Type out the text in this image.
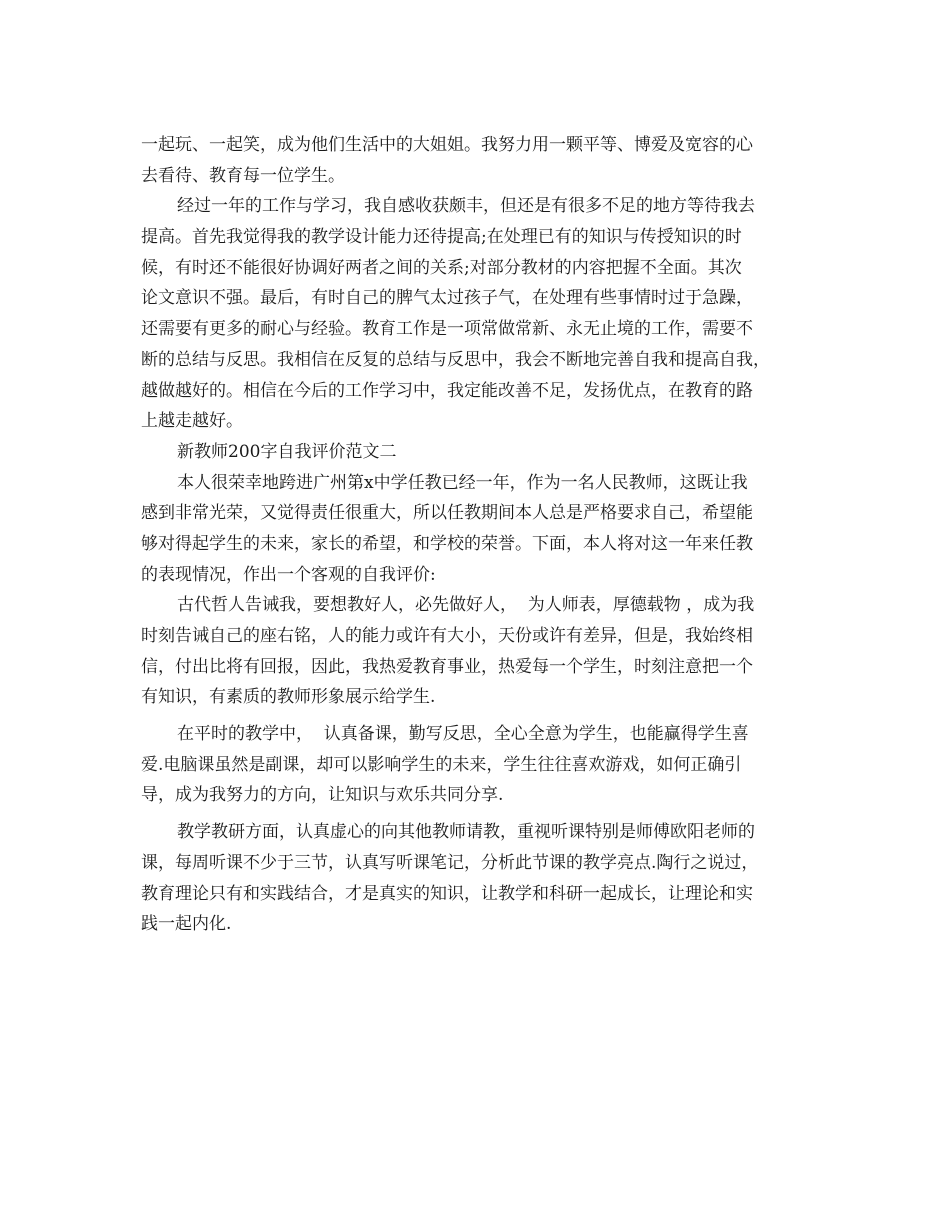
一起玩、一起笑，成为他们生活中的大姐姐。我努力用一颗平等、博爱及宽容的心
去看待、教育每一位学生。
经过一年的工作与学习，我自感收获颇丰，但还是有很多不足的地方等待我去
提高。首先我觉得我的教学设计能力还待提高;在处理已有的知识与传授知识的时
候，有时还不能很好协调好两者之间的关系;对部分教材的内容把握不全面。其次
论文意识不强。最后，有时自己的脾气太过孩子气，在处理有些事情时过于急躁，
还需要有更多的耐心与经验。教育工作是一项常做常新、永无止境的工作，需要不
断的总结与反思。我相信在反复的总结与反思中，我会不断地完善自我和提高自我，
越做越好的。相信在今后的工作学习中，我定能改善不足，发扬优点，在教育的路
上越走越好。
新教师200字自我评价范文二
本人很荣幸地跨进广州第x中学任教已经一年，作为一名人民教师，这既让我
感到非常光荣，又觉得责任很重大，所以任教期间本人总是严格要求自己，希望能
够对得起学生的未来，家长的希望，和学校的荣誉。下面，本人将对这一年来任教
的表现情况，作出一个客观的自我评价:
古代哲人告诫我，要想教好人，必先做好人，  为人师表，厚德载物 ，成为我
时刻告诫自己的座右铭，人的能力或许有大小，天份或许有差异，但是，我始终相
信，付出比将有回报，因此，我热爱教育事业，热爱每一个学生，时刻注意把一个
有知识，有素质的教师形象展示给学生.
在平时的教学中，  认真备课，勤写反思，全心全意为学生，也能赢得学生喜
爱.电脑课虽然是副课，却可以影响学生的未来，学生往往喜欢游戏，如何正确引
导，成为我努力的方向，让知识与欢乐共同分享.
教学教研方面，认真虚心的向其他教师请教，重视听课特别是师傅欧阳老师的
课，每周听课不少于三节，认真写听课笔记，分析此节课的教学亮点.陶行之说过，
教育理论只有和实践结合，才是真实的知识，让教学和科研一起成长，让理论和实
践一起内化.
